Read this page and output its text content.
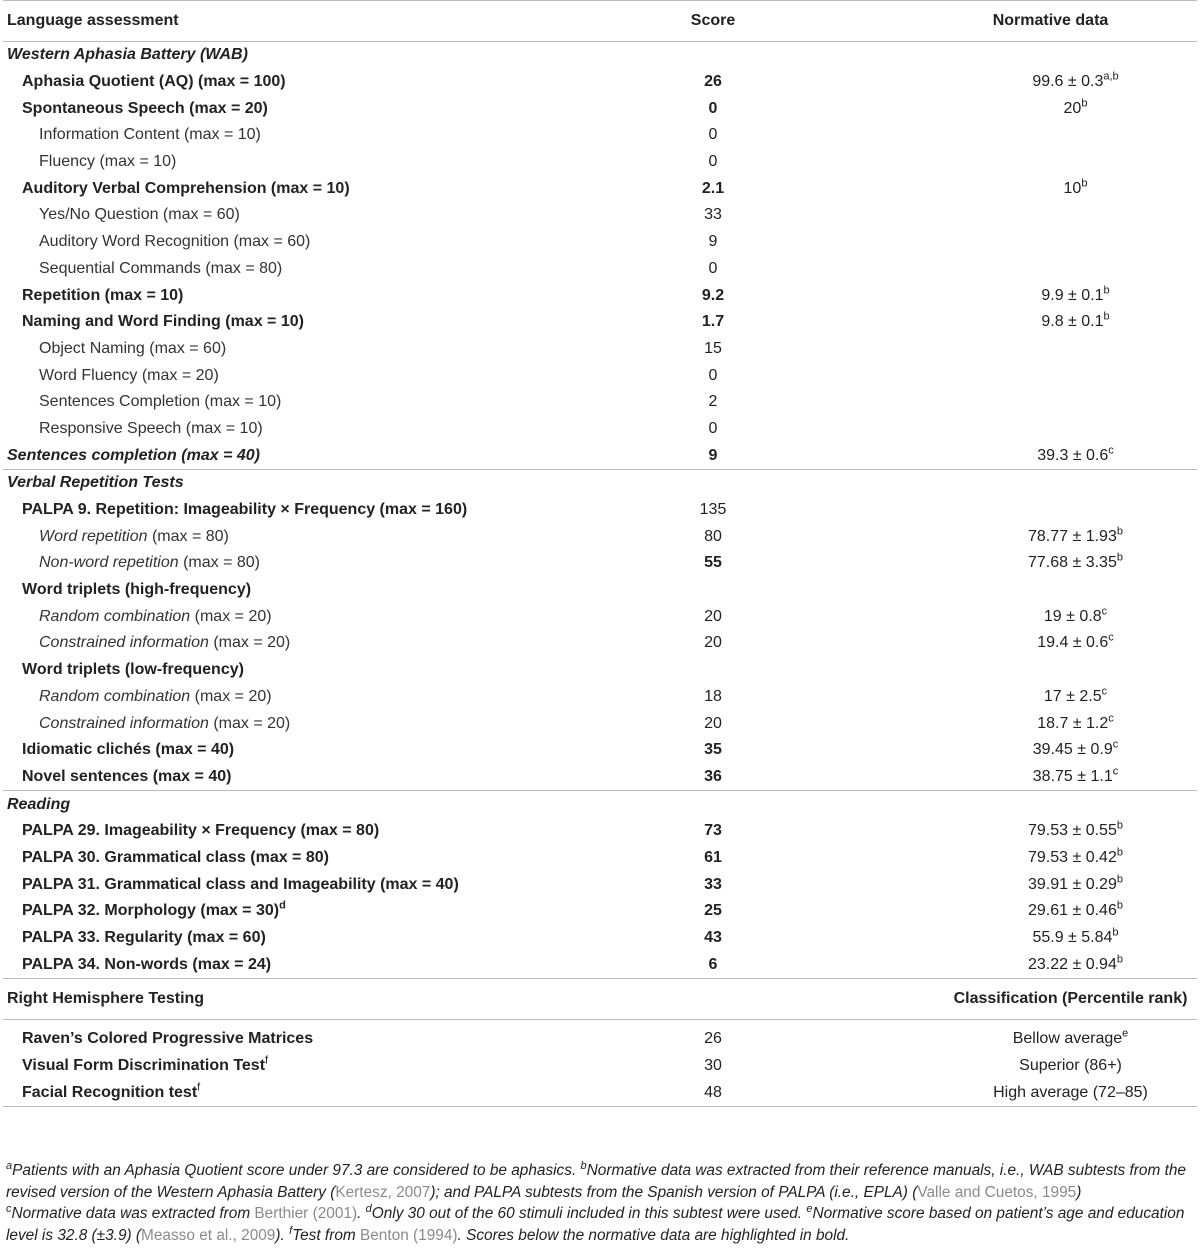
Language assessment	Score	Normative data
Western Aphasia Battery (WAB)		
Aphasia Quotient (AQ) (max = 100)	26	$99.6 \pm 0.3^{a,b}$
Spontaneous Speech (max = 20)	0	20$^b$
Information Content (max = 10)	0	
Fluency (max = 10)	0	
Auditory Verbal Comprehension (max = 10)	2.1	10$^b$
Yes/No Question (max = 60)	33	
Auditory Word Recognition (max = 60)	9	
Sequential Commands (max = 80)	0	
Repetition (max = 10)	9.2	9.9 ± 0.1$^b$
Naming and Word Finding (max = 10)	1.7	9.8 ± 0.1$^b$
Object Naming (max = 60)	15	
Word Fluency (max = 20)	0	
Sentences Completion (max = 10)	2	
Responsive Speech (max = 10)	0	
Sentences completion (max = 40)	9	39.3 ± 0.6$^c$
Verbal Repetition Tests		
PALPA 9. Repetition: Imageability × Frequency (max = 160)	135	
Word repetition (max = 80)	80	78.77 ± 1.93$^b$
Non-word repetition (max = 80)	55	77.68 ± 3.35$^b$
Word triplets (high-frequency)		
Random combination (max = 20)	20	19 ± 0.8$^c$
Constrained information (max = 20)	20	19.4 ± 0.6$^c$
Word triplets (low-frequency)		
Random combination (max = 20)	18	17 ± 2.5$^c$
Constrained information (max = 20)	20	18.7 ± 1.2$^c$
Idiomatic clichés (max = 40)	35	39.45 ± 0.9$^c$
Novel sentences (max = 40)	36	38.75 ± 1.1$^c$
Reading		
PALPA 29. Imageability × Frequency (max = 80)	73	79.53 ± 0.55$^b$
PALPA 30. Grammatical class (max = 80)	61	79.53 ± 0.42$^b$
PALPA 31. Grammatical class and Imageability (max = 40)	33	39.91 ± 0.29$^b$
PALPA 32. Morphology (max = 30)$^d$	25	29.61 ± 0.46$^b$
PALPA 33. Regularity (max = 60)	43	55.9 ± 5.84$^b$
PALPA 34. Non-words (max = 24)	6	23.22 ± 0.94$^b$
Right Hemisphere Testing		Classification (Percentile rank)

Raven’s Colored Progressive Matrices	26	Bellow average$^e$
Visual Form Discrimination Test$^f$	30	Superior (86+)
Facial Recognition test$^f$	48	High average (72–85)
$^a$Patients with an Aphasia Quotient score under 97.3 are considered to be aphasics. $^b$Normative data was extracted from their reference manuals, i.e., WAB subtests from the revised version of the Western Aphasia Battery (Kertesz, 2007); and PALPA subtests from the Spanish version of PALPA (i.e., EPLA) (Valle and Cuetos, 1995)
$^c$Normative data was extracted from Berthier (2001). $^d$Only 30 out of the 60 stimuli included in this subtest were used. $^e$Normative score based on patient’s age and education level is 32.8 (±3.9) (Measso et al., 2009). $^f$Test from Benton (1994). Scores below the normative data are highlighted in bold.
